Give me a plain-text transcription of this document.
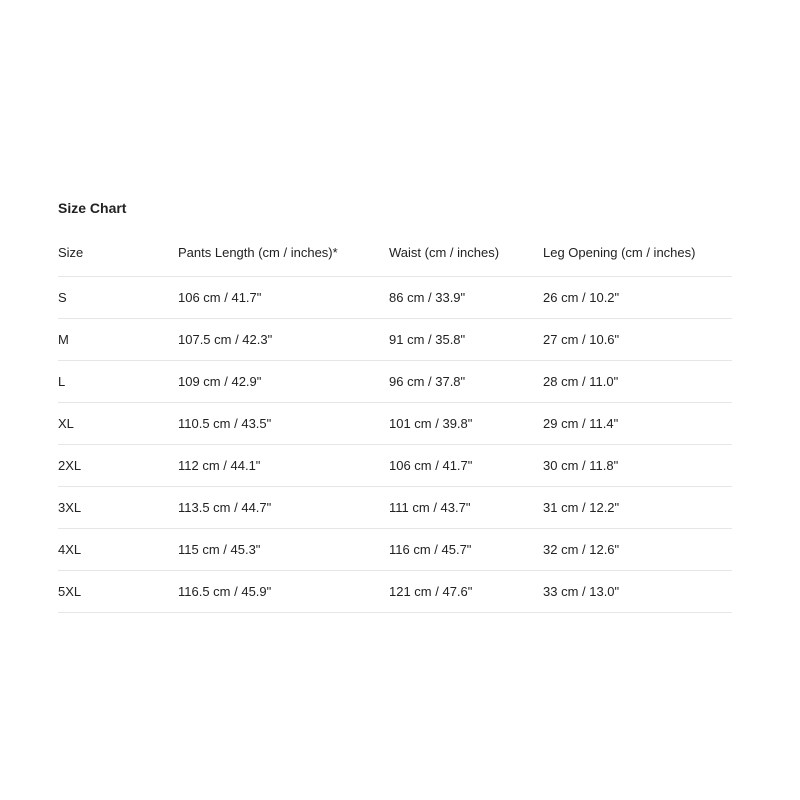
Size Chart
Size	Pants Length (cm / inches)*	Waist (cm / inches)	Leg Opening (cm / inches)
S	106 cm / 41.7"	86 cm / 33.9"	26 cm / 10.2"
M	107.5 cm / 42.3"	91 cm / 35.8"	27 cm / 10.6"
L	109 cm / 42.9"	96 cm / 37.8"	28 cm / 11.0"
XL	110.5 cm / 43.5"	101 cm / 39.8"	29 cm / 11.4"
2XL	112 cm / 44.1"	106 cm / 41.7"	30 cm / 11.8"
3XL	113.5 cm / 44.7"	111 cm / 43.7"	31 cm / 12.2"
4XL	115 cm / 45.3"	116 cm / 45.7"	32 cm / 12.6"
5XL	116.5 cm / 45.9"	121 cm / 47.6"	33 cm / 13.0"
